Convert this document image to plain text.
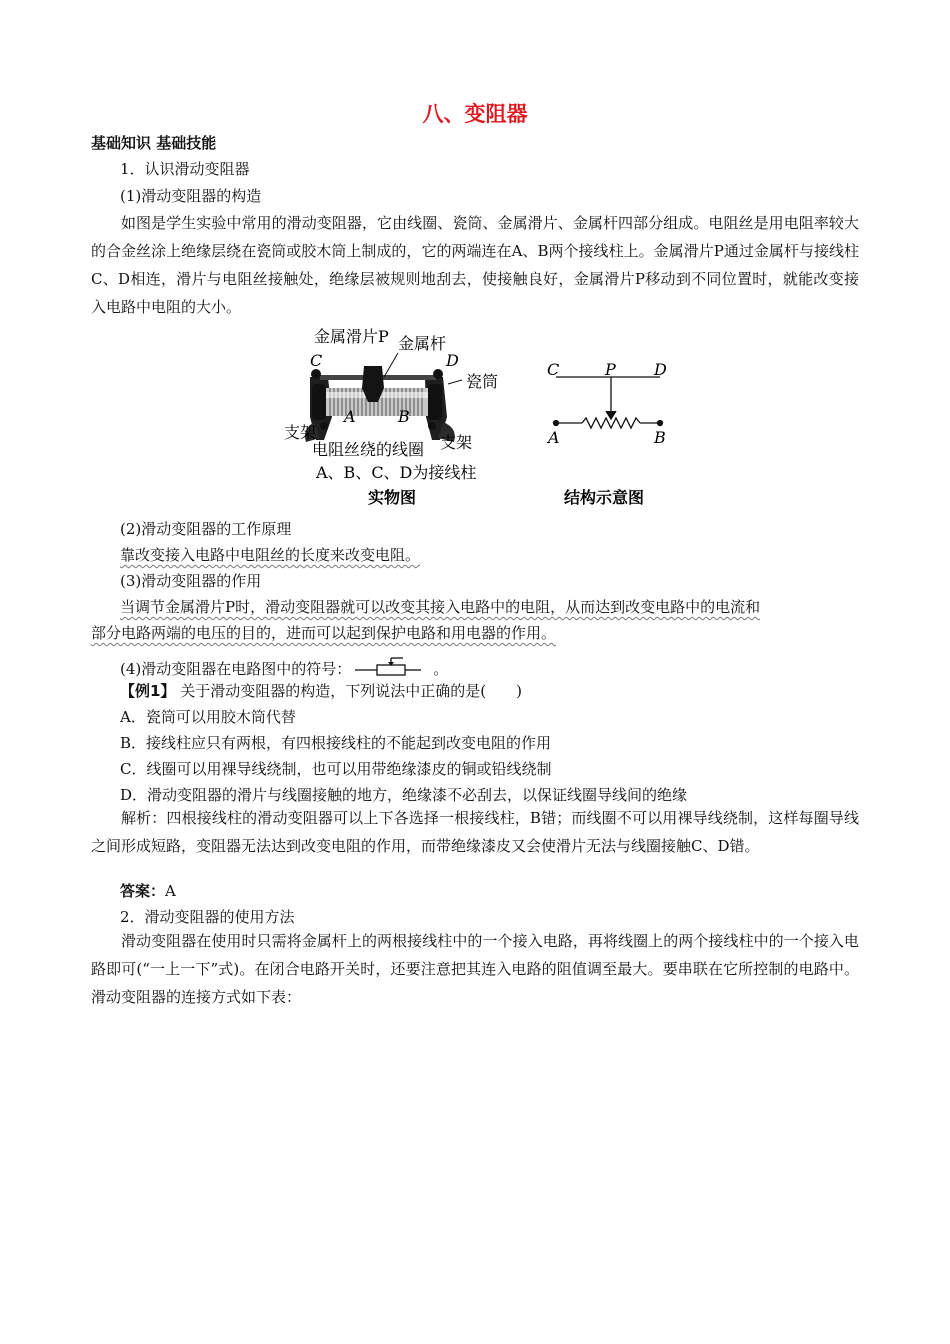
八、变阻器
基础知识 基础技能
1．认识滑动变阻器
(1)滑动变阻器的构造
如图是学生实验中常用的滑动变阻器，它由线圈、瓷筒、金属滑片、金属杆四部分组成。电阻丝是用电阻率较大的合金丝涂上绝缘层绕在瓷筒或胶木筒上制成的，它的两端连在A、B两个接线柱上。金属滑片P通过金属杆与接线柱C、D相连，滑片与电阻丝接触处，绝缘层被规则地刮去，使接触良好，金属滑片P移动到不同位置时，就能改变接入电路中电阻的大小。
金属滑片P 金属杆
C	D
瓷筒
A	B
支架
支架
电阻丝绕的线圈
A、B、C、D为接线柱
实物图
C	P D
A	B
结构示意图
(2)滑动变阻器的工作原理
靠改变接入电路中电阻丝的长度来改变电阻。
(3)滑动变阻器的作用
当调节金属滑片P时，滑动变阻器就可以改变其接入电路中的电阻，从而达到改变电路中的电流和
部分电路两端的电压的目的，进而可以起到保护电路和用电器的作用。
(4)滑动变阻器在电路图中的符号：	。
【例1】 关于滑动变阻器的构造，下列说法中正确的是(　　)
A．瓷筒可以用胶木筒代替
B．接线柱应只有两根，有四根接线柱的不能起到改变电阻的作用
C．线圈可以用裸导线绕制，也可以用带绝缘漆皮的铜或铅线绕制
D．滑动变阻器的滑片与线圈接触的地方，绝缘漆不必刮去，以保证线圈导线间的绝缘
解析：四根接线柱的滑动变阻器可以上下各选择一根接线柱，B错；而线圈不可以用裸导线绕制，这样每圈导线之间形成短路，变阻器无法达到改变电阻的作用，而带绝缘漆皮又会使滑片无法与线圈接触C、D错。
答案：A
2．滑动变阻器的使用方法
滑动变阻器在使用时只需将金属杆上的两根接线柱中的一个接入电路，再将线圈上的两个接线柱中的一个接入电路即可(“一上一下”式)。在闭合电路开关时，还要注意把其连入电路的阻值调至最大。要串联在它所控制的电路中。滑动变阻器的连接方式如下表：
